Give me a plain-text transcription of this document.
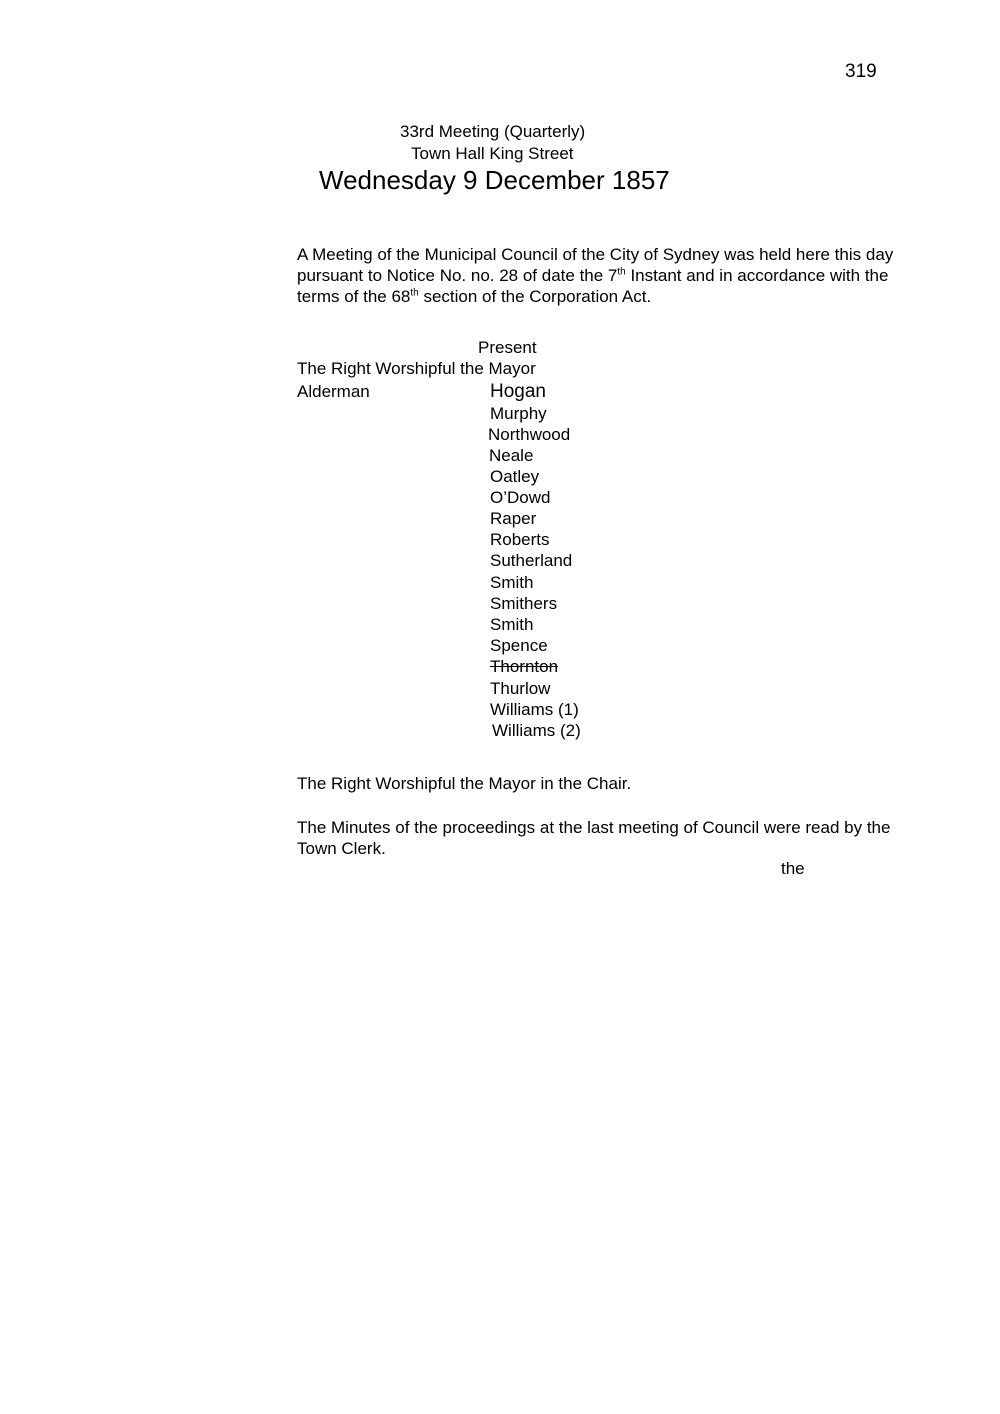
319
33rd Meeting (Quarterly)
Town Hall King Street
Wednesday 9 December 1857
A Meeting of the Municipal Council of the City of Sydney was held here this day pursuant to Notice No. no. 28 of date the 7th Instant and in accordance with the terms of the 68th section of the Corporation Act.
Present
The Right Worshipful the Mayor
Alderman	Hogan
Murphy
Northwood
Neale
Oatley
O’Dowd
Raper
Roberts
Sutherland
Smith
Smithers
Smith
Spence
Thornton
Thurlow
Williams (1)
Williams (2)
The Right Worshipful the Mayor in the Chair.
The Minutes of the proceedings at the last meeting of Council were read by the Town Clerk.
the
